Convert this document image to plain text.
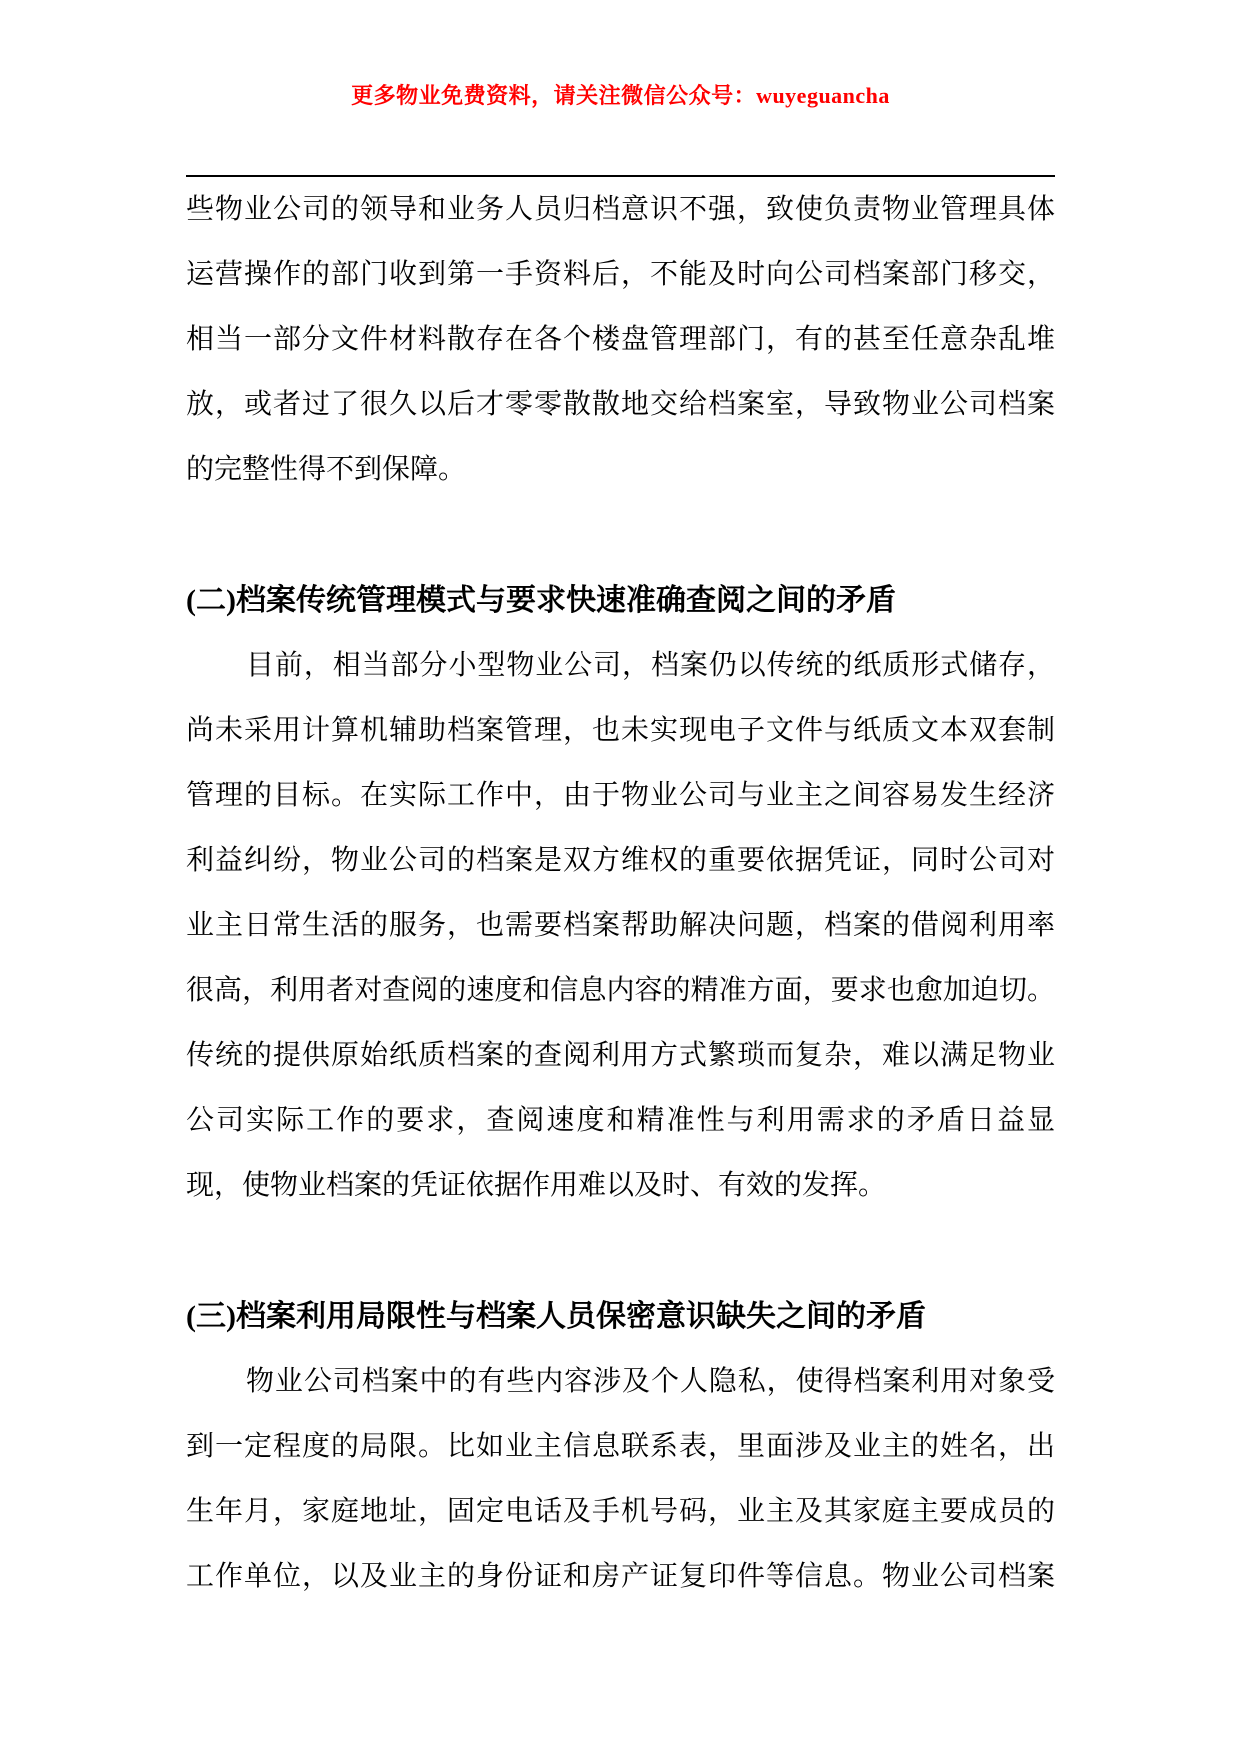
更多物业免费资料，请关注微信公众号：wuyeguancha
些物业公司的领导和业务人员归档意识不强，致使负责物业管理具体
运营操作的部门收到第一手资料后，不能及时向公司档案部门移交，
相当一部分文件材料散存在各个楼盘管理部门，有的甚至任意杂乱堆
放，或者过了很久以后才零零散散地交给档案室，导致物业公司档案
的完整性得不到保障。
(二)档案传统管理模式与要求快速准确查阅之间的矛盾
目前，相当部分小型物业公司，档案仍以传统的纸质形式储存，
尚未采用计算机辅助档案管理，也未实现电子文件与纸质文本双套制
管理的目标。在实际工作中，由于物业公司与业主之间容易发生经济
利益纠纷，物业公司的档案是双方维权的重要依据凭证，同时公司对
业主日常生活的服务，也需要档案帮助解决问题，档案的借阅利用率
很高，利用者对查阅的速度和信息内容的精准方面，要求也愈加迫切。
传统的提供原始纸质档案的查阅利用方式繁琐而复杂，难以满足物业
公司实际工作的要求，查阅速度和精准性与利用需求的矛盾日益显
现，使物业档案的凭证依据作用难以及时、有效的发挥。
(三)档案利用局限性与档案人员保密意识缺失之间的矛盾
物业公司档案中的有些内容涉及个人隐私，使得档案利用对象受
到一定程度的局限。比如业主信息联系表，里面涉及业主的姓名，出
生年月，家庭地址，固定电话及手机号码，业主及其家庭主要成员的
工作单位，以及业主的身份证和房产证复印件等信息。物业公司档案
